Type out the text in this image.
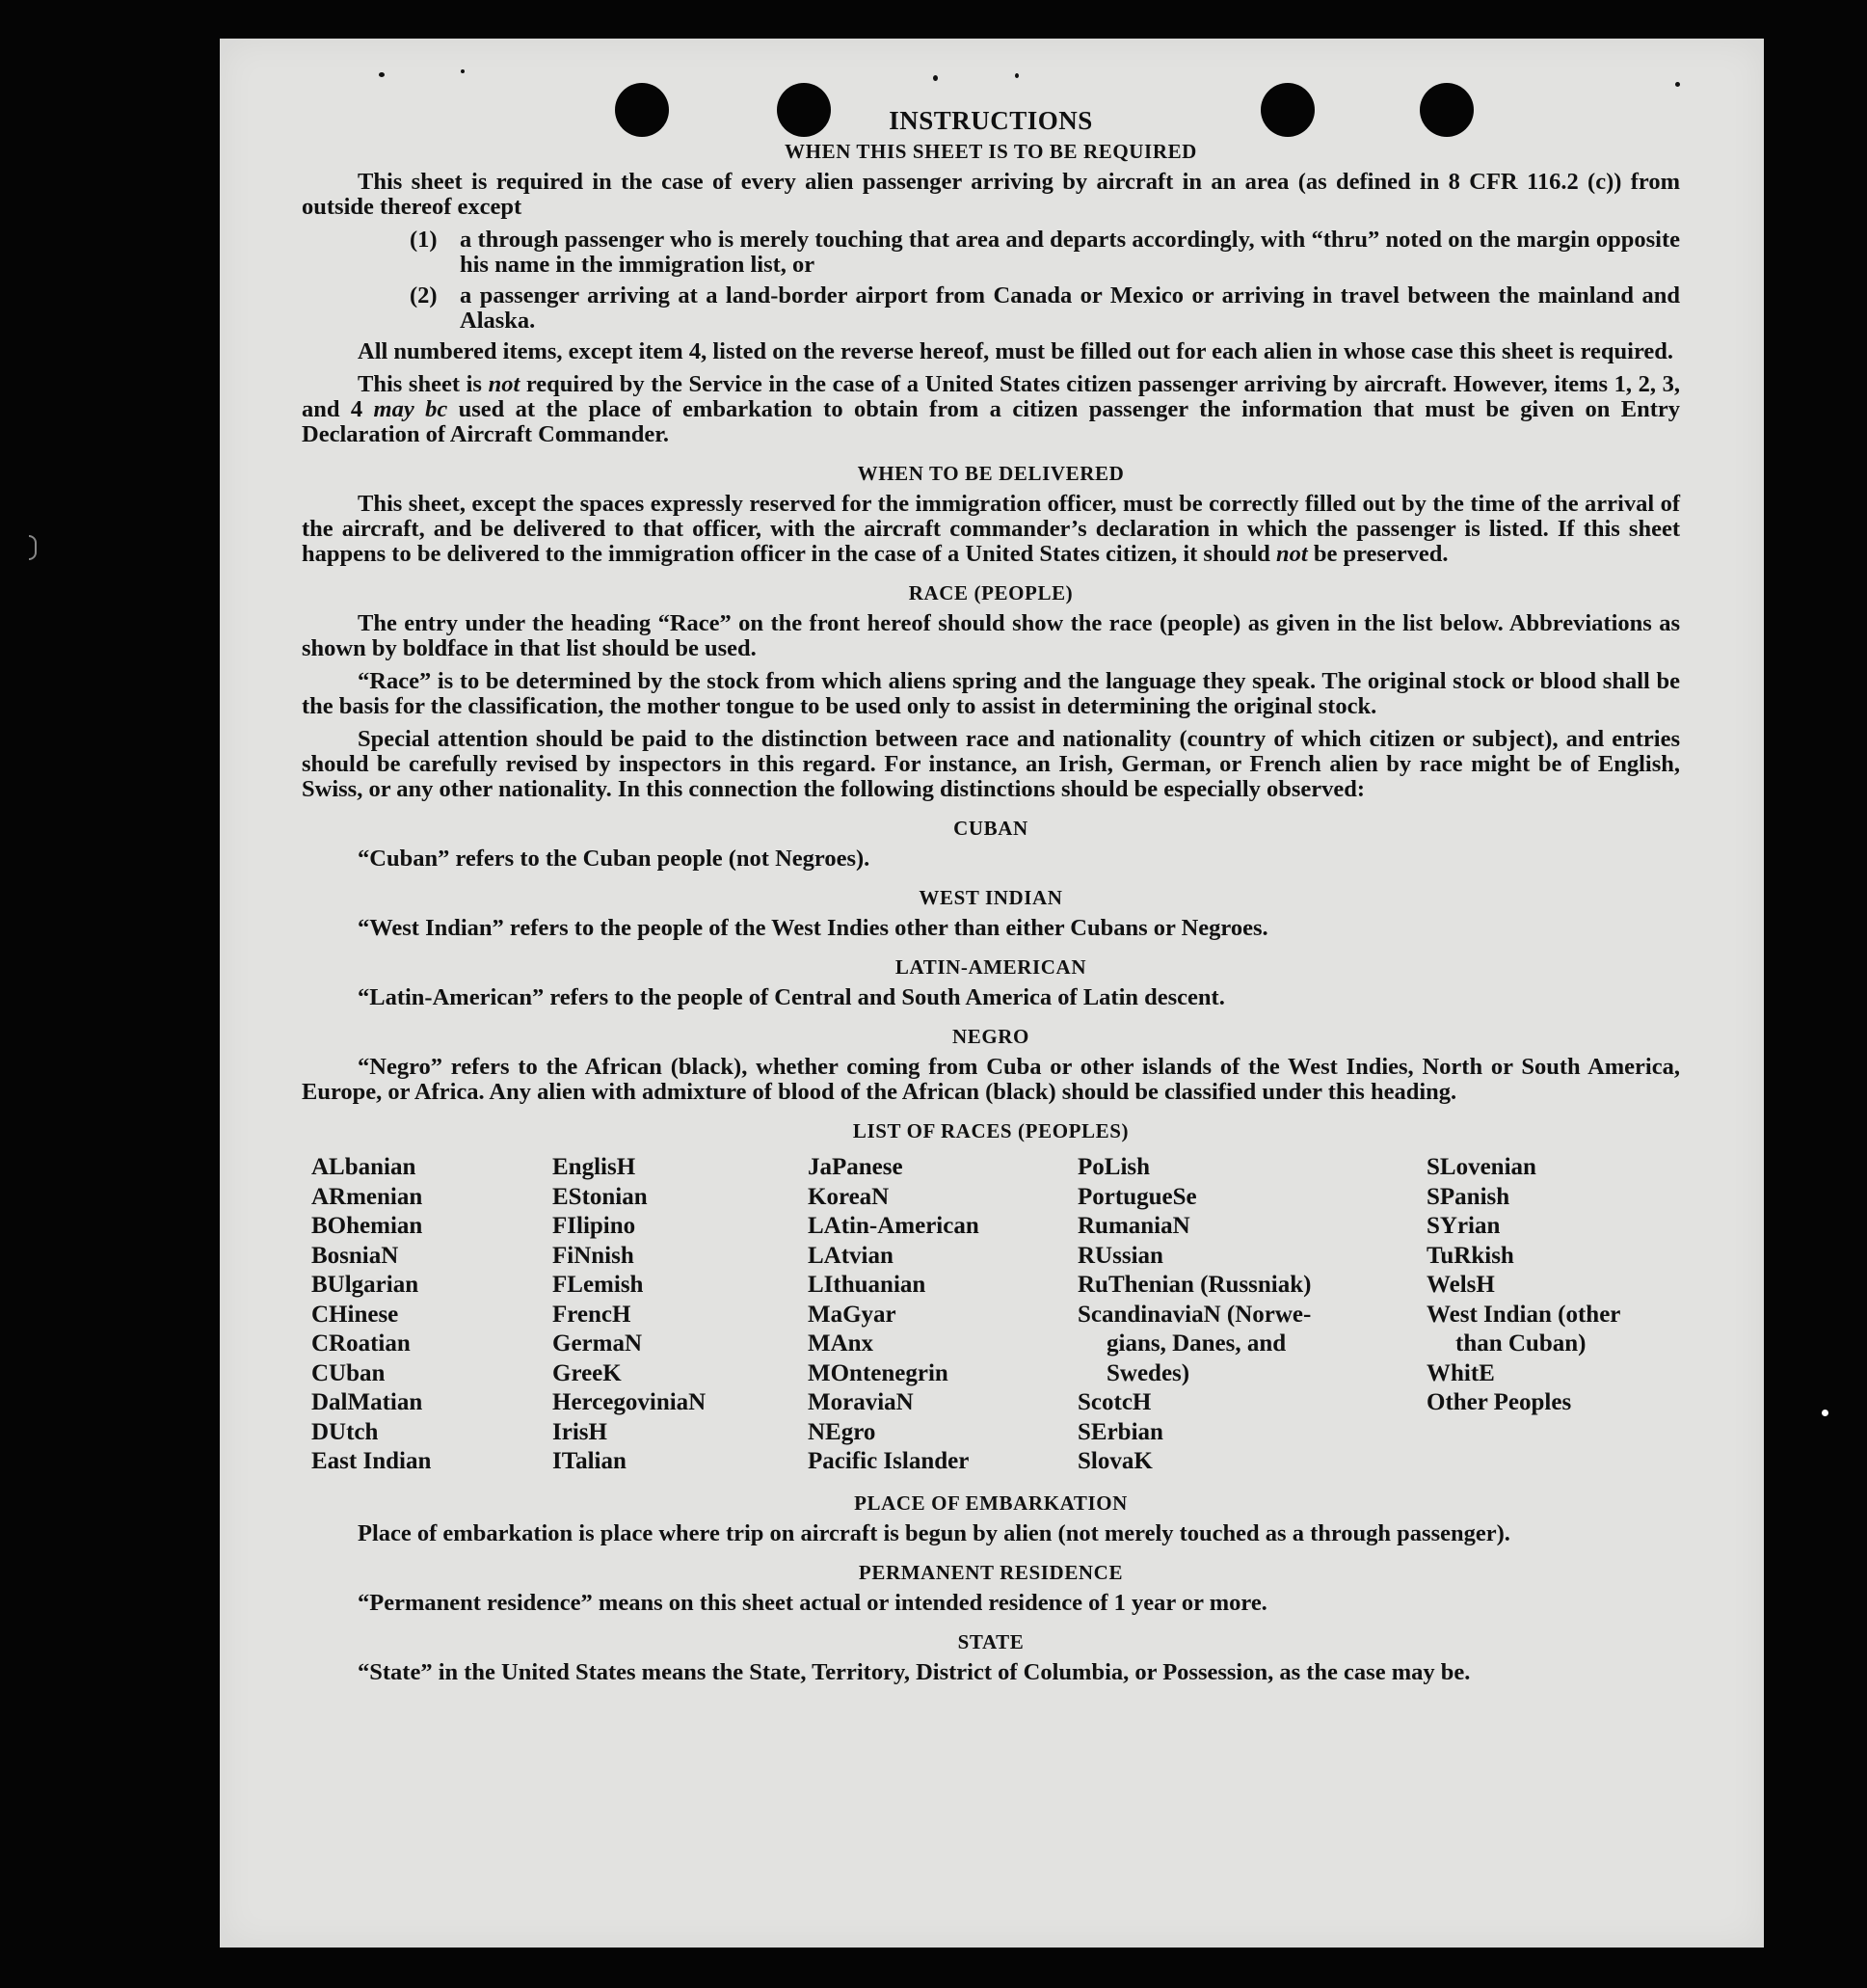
INSTRUCTIONS
WHEN THIS SHEET IS TO BE REQUIRED

This sheet is required in the case of every alien passenger arriving by aircraft in an area (as defined in 8 CFR 116.2 (c)) from outside thereof except

(1) a through passenger who is merely touching that area and departs accordingly, with “thru” noted on the margin opposite his name in the immigration list, or
(2) a passenger arriving at a land-border airport from Canada or Mexico or arriving in travel between the mainland and Alaska.

All numbered items, except item 4, listed on the reverse hereof, must be filled out for each alien in whose case this sheet is required.

This sheet is not required by the Service in the case of a United States citizen passenger arriving by aircraft. However, items 1, 2, 3, and 4 may bc used at the place of embarkation to obtain from a citizen passenger the information that must be given on Entry Declaration of Aircraft Commander.

WHEN TO BE DELIVERED

This sheet, except the spaces expressly reserved for the immigration officer, must be correctly filled out by the time of the arrival of the aircraft, and be delivered to that officer, with the aircraft commander’s declaration in which the passenger is listed. If this sheet happens to be delivered to the immigration officer in the case of a United States citizen, it should not be preserved.

RACE (PEOPLE)

The entry under the heading “Race” on the front hereof should show the race (people) as given in the list below. Abbreviations as shown by boldface in that list should be used.

“Race” is to be determined by the stock from which aliens spring and the language they speak. The original stock or blood shall be the basis for the classification, the mother tongue to be used only to assist in determining the original stock.

Special attention should be paid to the distinction between race and nationality (country of which citizen or subject), and entries should be carefully revised by inspectors in this regard. For instance, an Irish, German, or French alien by race might be of English, Swiss, or any other nationality. In this connection the following distinctions should be especially observed:

CUBAN

“Cuban” refers to the Cuban people (not Negroes).

WEST INDIAN

“West Indian” refers to the people of the West Indies other than either Cubans or Negroes.

LATIN-AMERICAN

“Latin-American” refers to the people of Central and South America of Latin descent.

NEGRO

“Negro” refers to the African (black), whether coming from Cuba or other islands of the West Indies, North or South America, Europe, or Africa. Any alien with admixture of blood of the African (black) should be classified under this heading.

LIST OF RACES (PEOPLES)
ALbanian
ARmenian
BOhemian
BosniaN
BUlgarian
CHinese
CRoatian
CUban
DalMatian
DUtch
East Indian
EnglisH
EStonian
FIlipino
FiNnish
FLemish
FrencH
GermaN
GreeK
HercegoviniaN
IrisH
ITalian
JaPanese
KoreaN
LAtin-American
LAtvian
LIthuanian
MaGyar
MAnx
MOntenegrin
MoraviaN
NEgro
Pacific Islander
PoLish
PortugueSe
RumaniaN
RUssian
RuThenian (Russniak)
ScandinaviaN (Norwe-
gians, Danes, and
Swedes)
ScotcH
SErbian
SlovaK
SLovenian
SPanish
SYrian
TuRkish
WelsH
West Indian (other
than Cuban)
WhitE
Other Peoples
PLACE OF EMBARKATION

Place of embarkation is place where trip on aircraft is begun by alien (not merely touched as a through passenger).

PERMANENT RESIDENCE

“Permanent residence” means on this sheet actual or intended residence of 1 year or more.

STATE

“State” in the United States means the State, Territory, District of Columbia, or Possession, as the case may be.
